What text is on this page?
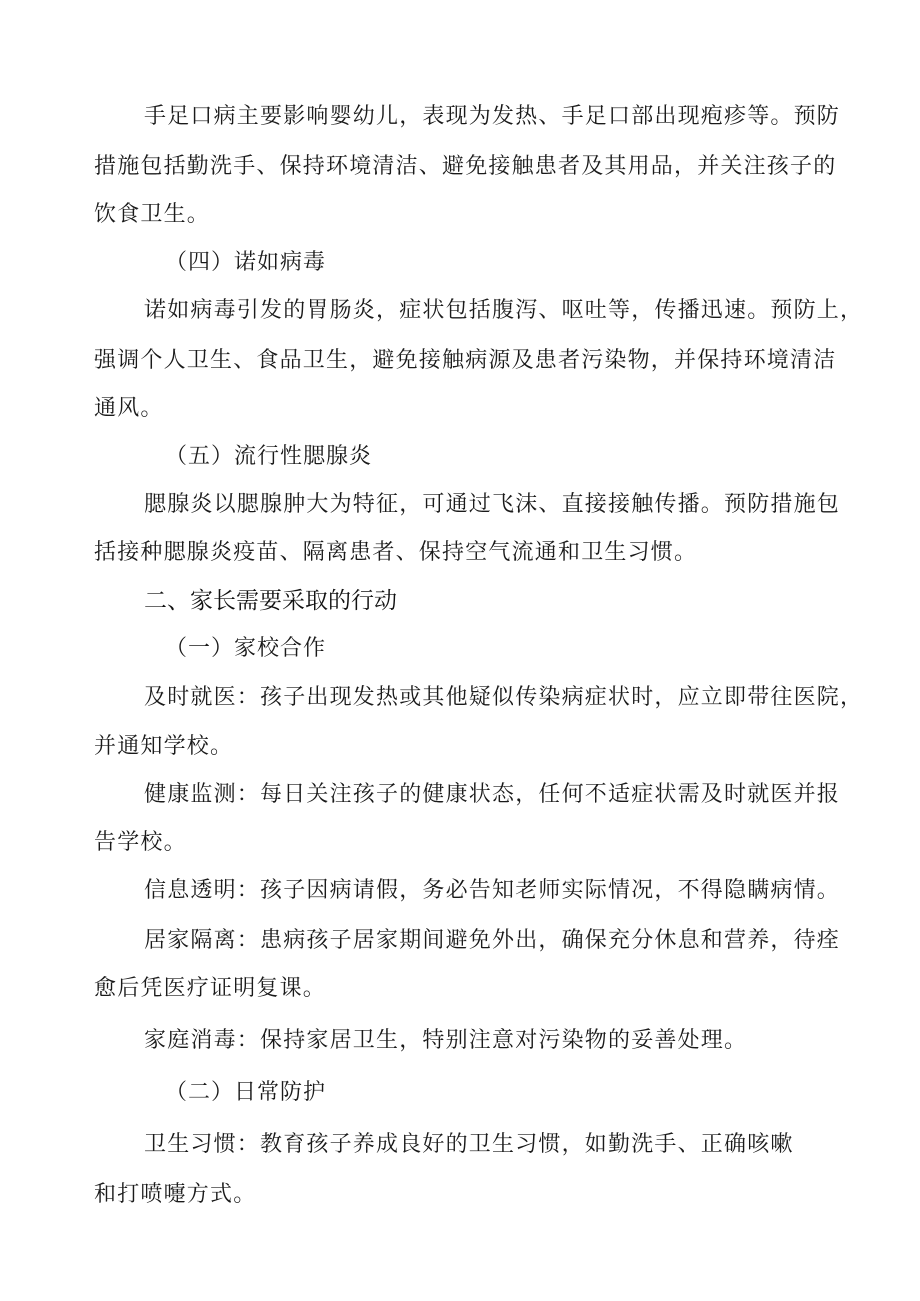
手足口病主要影响婴幼儿，表现为发热、手足口部出现疱疹等。预防
措施包括勤洗手、保持环境清洁、避免接触患者及其用品，并关注孩子的
饮食卫生。
（四）诺如病毒
诺如病毒引发的胃肠炎，症状包括腹泻、呕吐等，传播迅速。预防上，
强调个人卫生、食品卫生，避免接触病源及患者污染物，并保持环境清洁
通风。
（五）流行性腮腺炎
腮腺炎以腮腺肿大为特征，可通过飞沫、直接接触传播。预防措施包
括接种腮腺炎疫苗、隔离患者、保持空气流通和卫生习惯。
二、家长需要采取的行动
（一）家校合作
及时就医：孩子出现发热或其他疑似传染病症状时，应立即带往医院，
并通知学校。
健康监测：每日关注孩子的健康状态，任何不适症状需及时就医并报
告学校。
信息透明：孩子因病请假，务必告知老师实际情况，不得隐瞒病情。
居家隔离：患病孩子居家期间避免外出，确保充分休息和营养，待痊
愈后凭医疗证明复课。
家庭消毒：保持家居卫生，特别注意对污染物的妥善处理。
（二）日常防护
卫生习惯：教育孩子养成良好的卫生习惯，如勤洗手、正确咳嗽
和打喷嚏方式。
